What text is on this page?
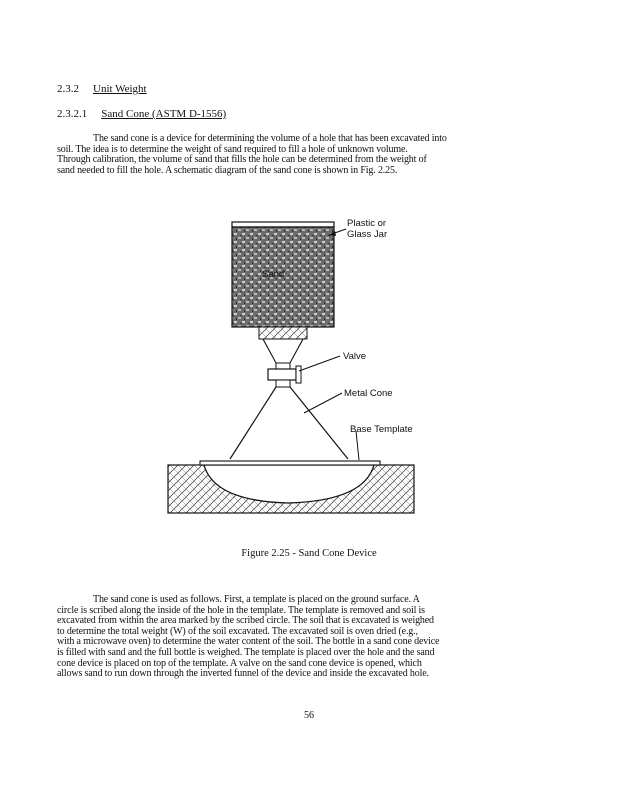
2.3.2 Unit Weight
2.3.2.1 Sand Cone (ASTM D-1556)
The sand cone is a device for determining the volume of a hole that has been excavated into
soil. The idea is to determine the weight of sand required to fill a hole of unknown volume.
Through calibration, the volume of sand that fills the hole can be determined from the weight of
sand needed to fill the hole. A schematic diagram of the sand cone is shown in Fig. 2.25.
Sand
Plastic or
Glass Jar
Valve
Metal Cone
Base Template
Figure 2.25 - Sand Cone Device
The sand cone is used as follows. First, a template is placed on the ground surface. A
circle is scribed along the inside of the hole in the template. The template is removed and soil is
excavated from within the area marked by the scribed circle. The soil that is excavated is weighed
to determine the total weight (W) of the soil excavated. The excavated soil is oven dried (e.g.,
with a microwave oven) to determine the water content of the soil. The bottle in a sand cone device
is filled with sand and the full bottle is weighed. The template is placed over the hole and the sand
cone device is placed on top of the template. A valve on the sand cone device is opened, which
allows sand to run down through the inverted funnel of the device and inside the excavated hole.
56
